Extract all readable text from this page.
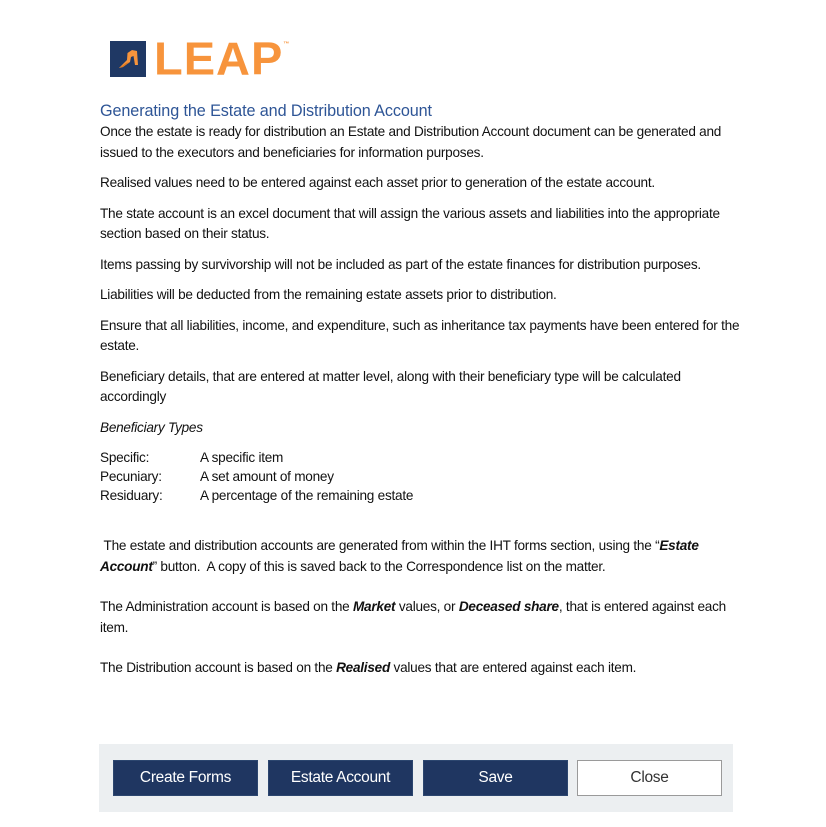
LEAP™
Generating the Estate and Distribution Account

Once the estate is ready for distribution an Estate and Distribution Account document can be generated and issued to the executors and beneficiaries for information purposes.

Realised values need to be entered against each asset prior to generation of the estate account.

The state account is an excel document that will assign the various assets and liabilities into the appropriate section based on their status.

Items passing by survivorship will not be included as part of the estate finances for distribution purposes.

Liabilities will be deducted from the remaining estate assets prior to distribution.

Ensure that all liabilities, income, and expenditure, such as inheritance tax payments have been entered for the estate.

Beneficiary details, that are entered at matter level, along with their beneficiary type will be calculated accordingly

Beneficiary Types

Specific:	A specific item
Pecuniary:	A set amount of money
Residuary:	A percentage of the remaining estate

The estate and distribution accounts are generated from within the IHT forms section, using the “Estate Account” button.  A copy of this is saved back to the Correspondence list on the matter.

The Administration account is based on the Market values, or Deceased share, that is entered against each item.

The Distribution account is based on the Realised values that are entered against each item.

Create Forms	Estate Account	Save	Close
